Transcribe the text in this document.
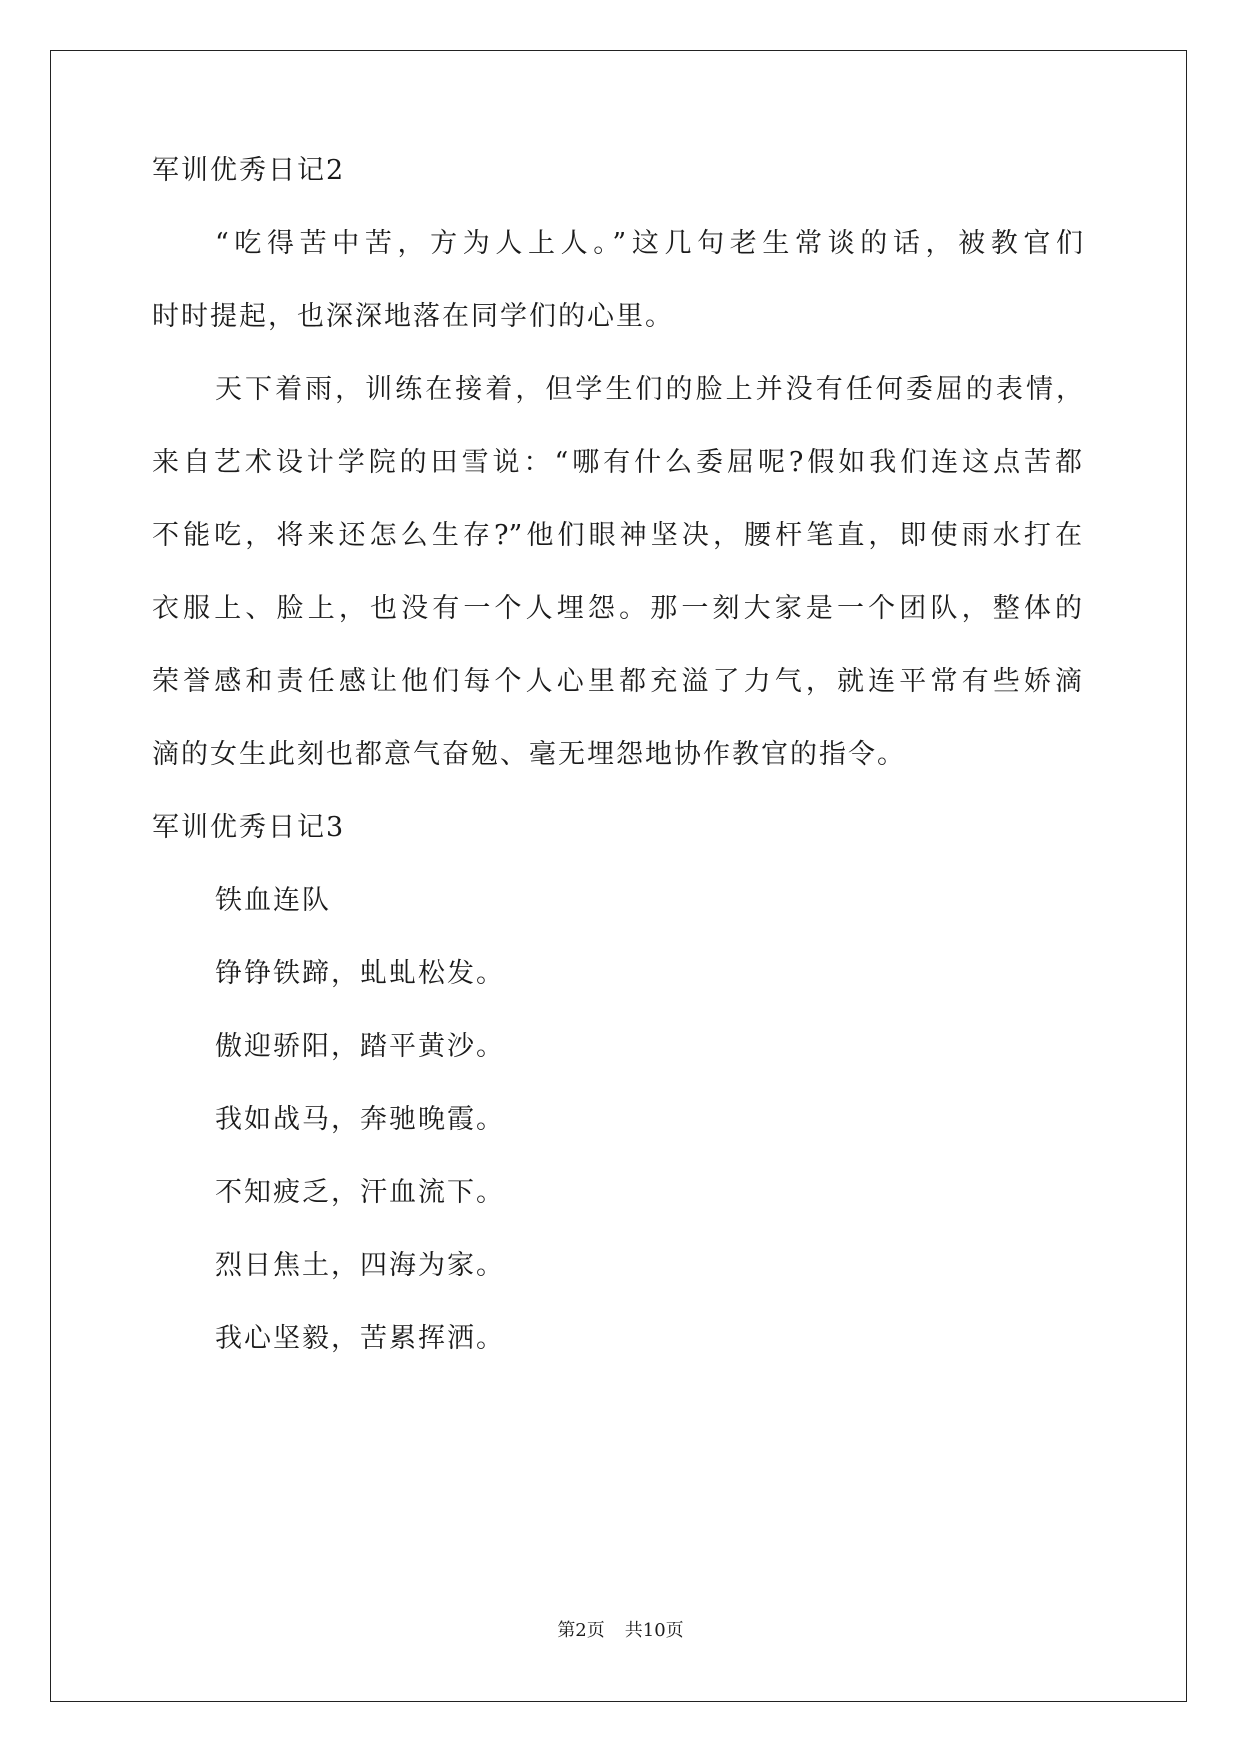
军训优秀日记2
“吃得苦中苦，方为人上人。”这几句老生常谈的话，被教官们
时时提起，也深深地落在同学们的心里。
天下着雨，训练在接着，但学生们的脸上并没有任何委屈的表情，
来自艺术设计学院的田雪说：“哪有什么委屈呢?假如我们连这点苦都
不能吃，将来还怎么生存?”他们眼神坚决，腰杆笔直，即使雨水打在
衣服上、脸上，也没有一个人埋怨。那一刻大家是一个团队，整体的
荣誉感和责任感让他们每个人心里都充溢了力气，就连平常有些娇滴
滴的女生此刻也都意气奋勉、毫无埋怨地协作教官的指令。
军训优秀日记3
铁血连队
铮铮铁蹄，虬虬松发。
傲迎骄阳，踏平黄沙。
我如战马，奔驰晚霞。
不知疲乏，汗血流下。
烈日焦土，四海为家。
我心坚毅，苦累挥洒。
第2页 共10页
